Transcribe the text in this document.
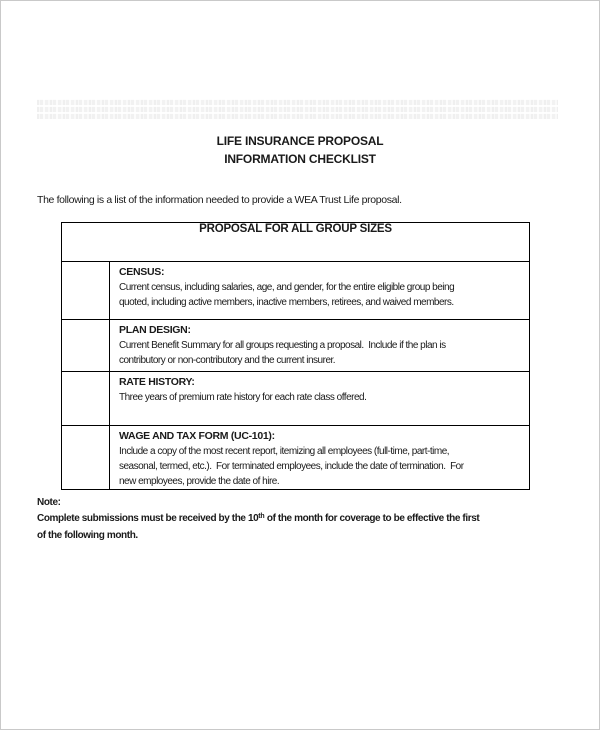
LIFE INSURANCE PROPOSAL
INFORMATION CHECKLIST
The following is a list of the information needed to provide a WEA Trust Life proposal.
PROPOSAL FOR ALL GROUP SIZES	

	CENSUS:
Current census, including salaries, age, and gender, for the entire eligible group being
quoted, including active members, inactive members, retirees, and waived members.

	PLAN DESIGN:
Current Benefit Summary for all groups requesting a proposal.  Include if the plan is
contributory or non-contributory and the current insurer.

	RATE HISTORY:
Three years of premium rate history for each rate class offered.

	WAGE AND TAX FORM (UC-101):
Include a copy of the most recent report, itemizing all employees (full-time, part-time,
seasonal, termed, etc.).  For terminated employees, include the date of termination.  For
new employees, provide the date of hire.
Note:
Complete submissions must be received by the 10th of the month for coverage to be effective the first
of the following month.
